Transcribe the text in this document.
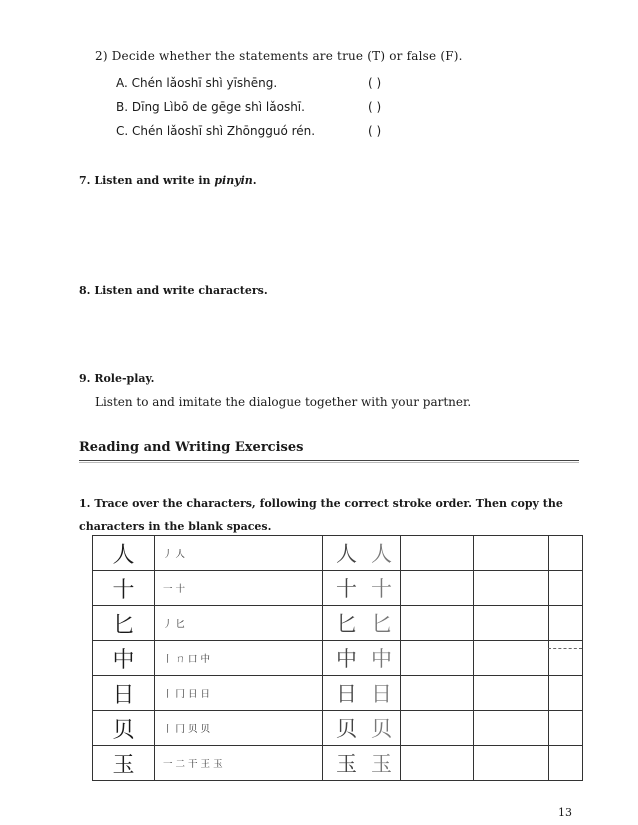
2) Decide whether the statements are true (T) or false (F).
A. Chén lǎoshī shì yīshēng.	( )
B. Dīng Lìbō de gēge shì lǎoshī.	( )
C. Chén lǎoshī shì Zhōngguó rén.	( )
7. Listen and write in pinyin.
8. Listen and write characters.
9. Role-play.
Listen to and imitate the dialogue together with your partner.
Reading and Writing Exercises
1. Trace over the characters, following the correct stroke order. Then copy the characters in the blank spaces.
人	丿 人	人 人			
十	一 十	十 十			
匕	丿 匕	匕 匕			
中	丨 ㄇ 口 中	中 中			
日	丨 冂 日 日	日 日			
贝	丨 冂 贝 贝	贝 贝			
玉	一 二 干 王 玉	玉 玉			
13
